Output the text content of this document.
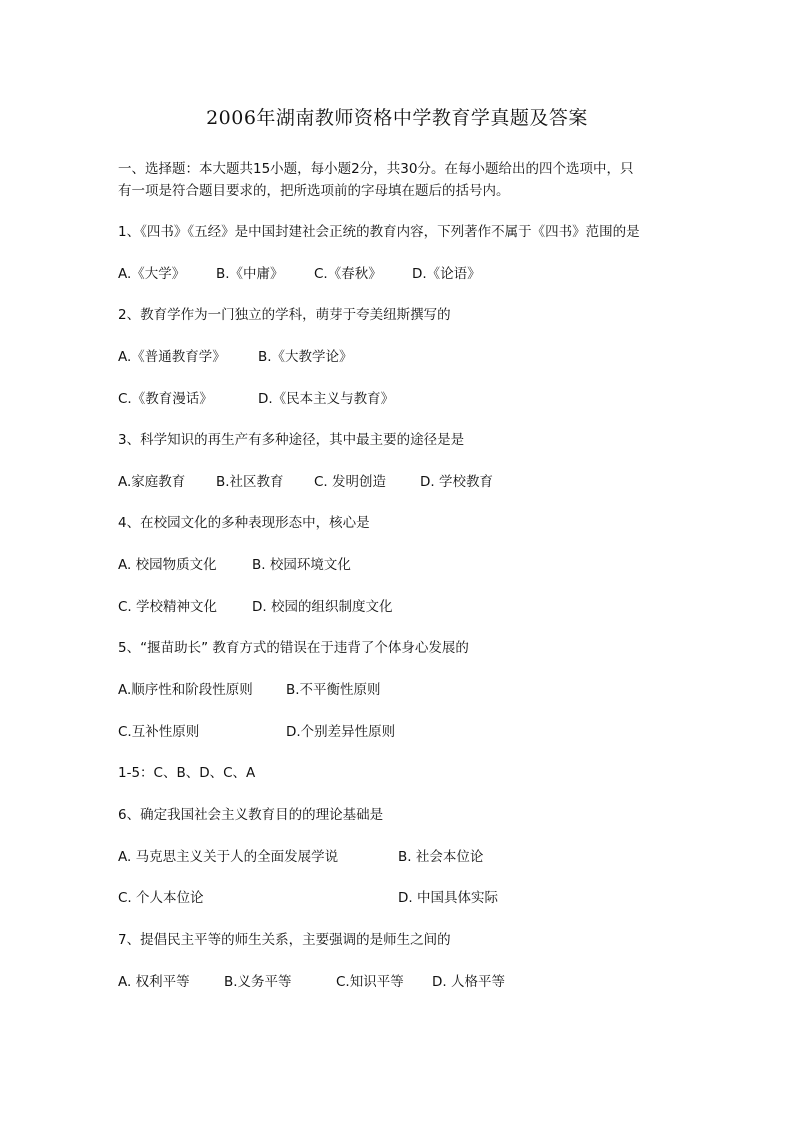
2006年湖南教师资格中学教育学真题及答案

一、选择题：本大题共15小题，每小题2分，共30分。在每小题给出的四个选项中，只

有一项是符合题目要求的，把所选项前的字母填在题后的括号内。

1、《四书》《五经》是中国封建社会正统的教育内容，下列著作不属于《四书》范围的是
A.《大学》 B.《中庸》 C.《春秋》 D.《论语》
2、教育学作为一门独立的学科，萌芽于夸美纽斯撰写的
A.《普通教育学》 B.《大教学论》
C.《教育漫话》	D.《民本主义与教育》
3、科学知识的再生产有多种途径，其中最主要的途径是是
A.家庭教育 B.社区教育 C. 发明创造	D. 学校教育
4、在校园文化的多种表现形态中，核心是
A. 校园物质文化	B. 校园环境文化
C. 学校精神文化	D. 校园的组织制度文化
5、“揠苗助长” 教育方式的错误在于违背了个体身心发展的
A.顺序性和阶段性原则 B.不平衡性原则
C.互补性原则	D.个别差异性原则
1-5：C、B、D、C、A
6、确定我国社会主义教育目的的理论基础是
A. 马克思主义关于人的全面发展学说	B. 社会本位论
C. 个人本位论	D. 中国具体实际
7、提倡民主平等的师生关系，主要强调的是师生之间的
A. 权利平等	B.义务平等	C.知识平等 D. 人格平等
